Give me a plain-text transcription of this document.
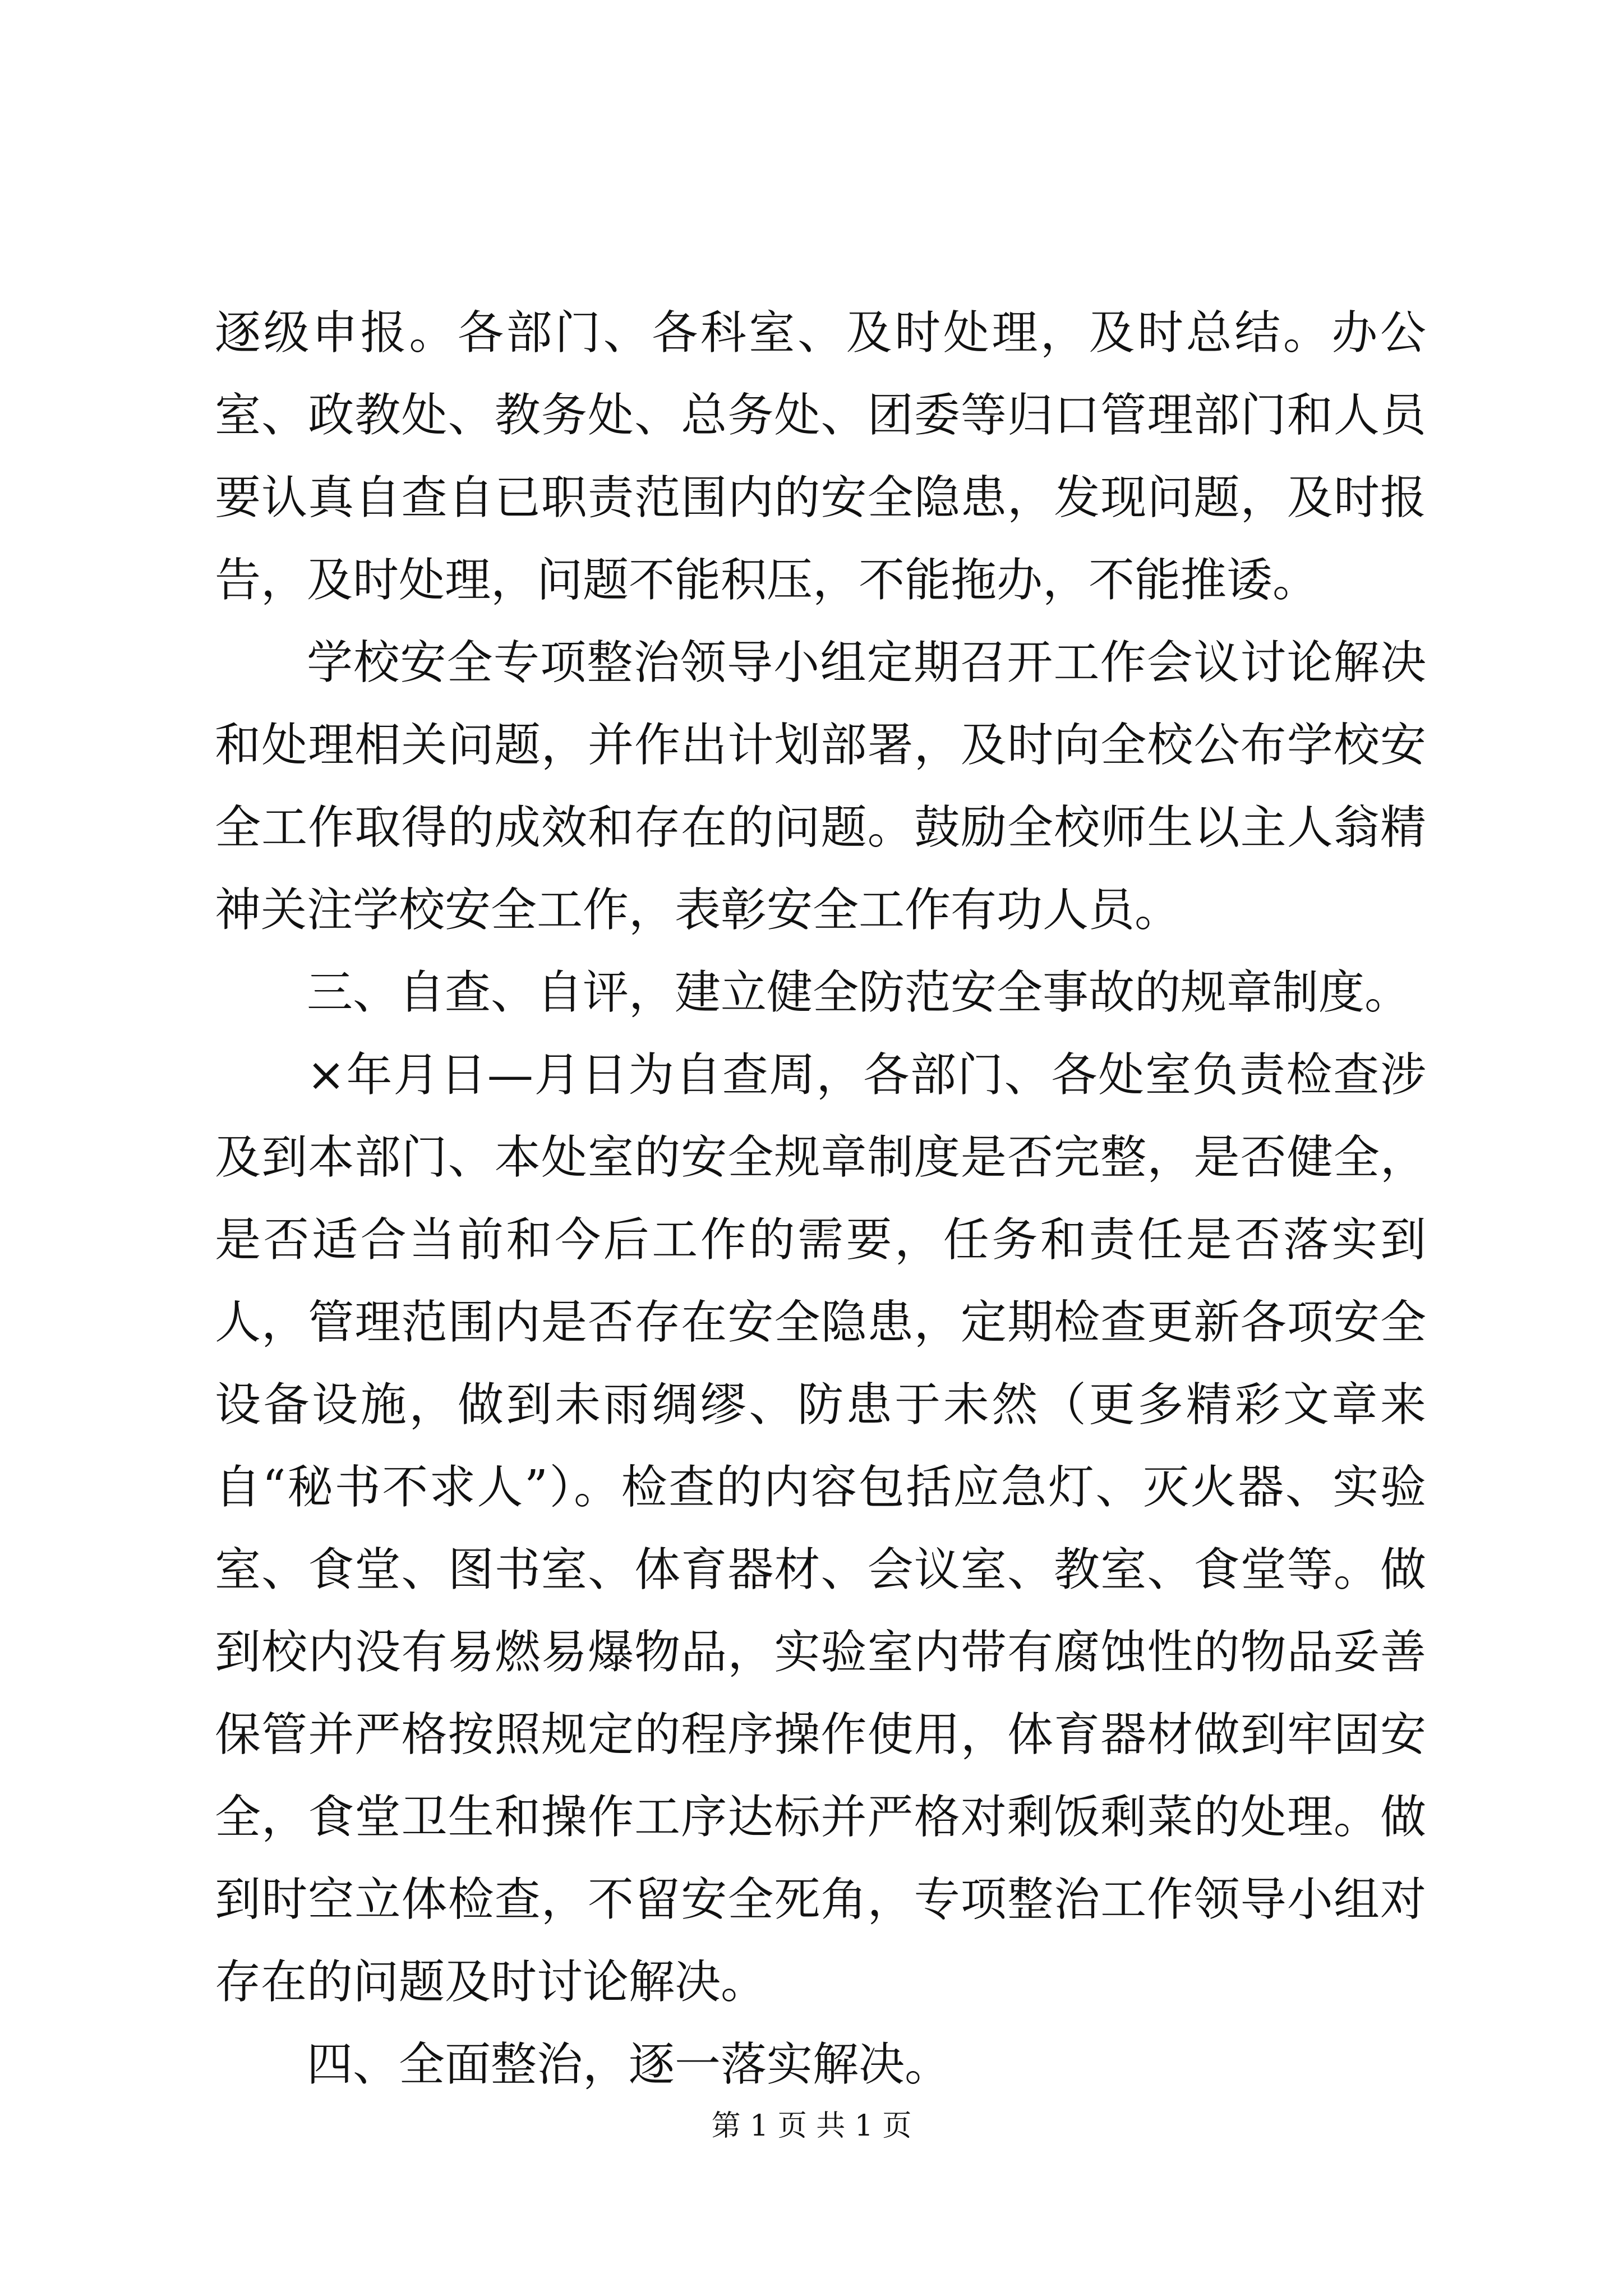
逐级申报。各部门、各科室、及时处理，及时总结。办公室、政教处、教务处、总务处、团委等归口管理部门和人员要认真自查自已职责范围内的安全隐患，发现问题，及时报告，及时处理，问题不能积压，不能拖办，不能推诿。

学校安全专项整治领导小组定期召开工作会议讨论解决和处理相关问题，并作出计划部署，及时向全校公布学校安全工作取得的成效和存在的问题。鼓励全校师生以主人翁精神关注学校安全工作，表彰安全工作有功人员。

三、自查、自评，建立健全防范安全事故的规章制度。

×年月日—月日为自查周，各部门、各处室负责检查涉及到本部门、本处室的安全规章制度是否完整，是否健全，是否适合当前和今后工作的需要，任务和责任是否落实到人，管理范围内是否存在安全隐患，定期检查更新各项安全设备设施，做到未雨绸缪、防患于未然（更多精彩文章来自“秘书不求人”）。检查的内容包括应急灯、灭火器、实验室、食堂、图书室、体育器材、会议室、教室、食堂等。做到校内没有易燃易爆物品，实验室内带有腐蚀性的物品妥善保管并严格按照规定的程序操作使用，体育器材做到牢固安全，食堂卫生和操作工序达标并严格对剩饭剩菜的处理。做到时空立体检查，不留安全死角，专项整治工作领导小组对存在的问题及时讨论解决。

四、全面整治，逐一落实解决。

第 1 页 共 1 页
